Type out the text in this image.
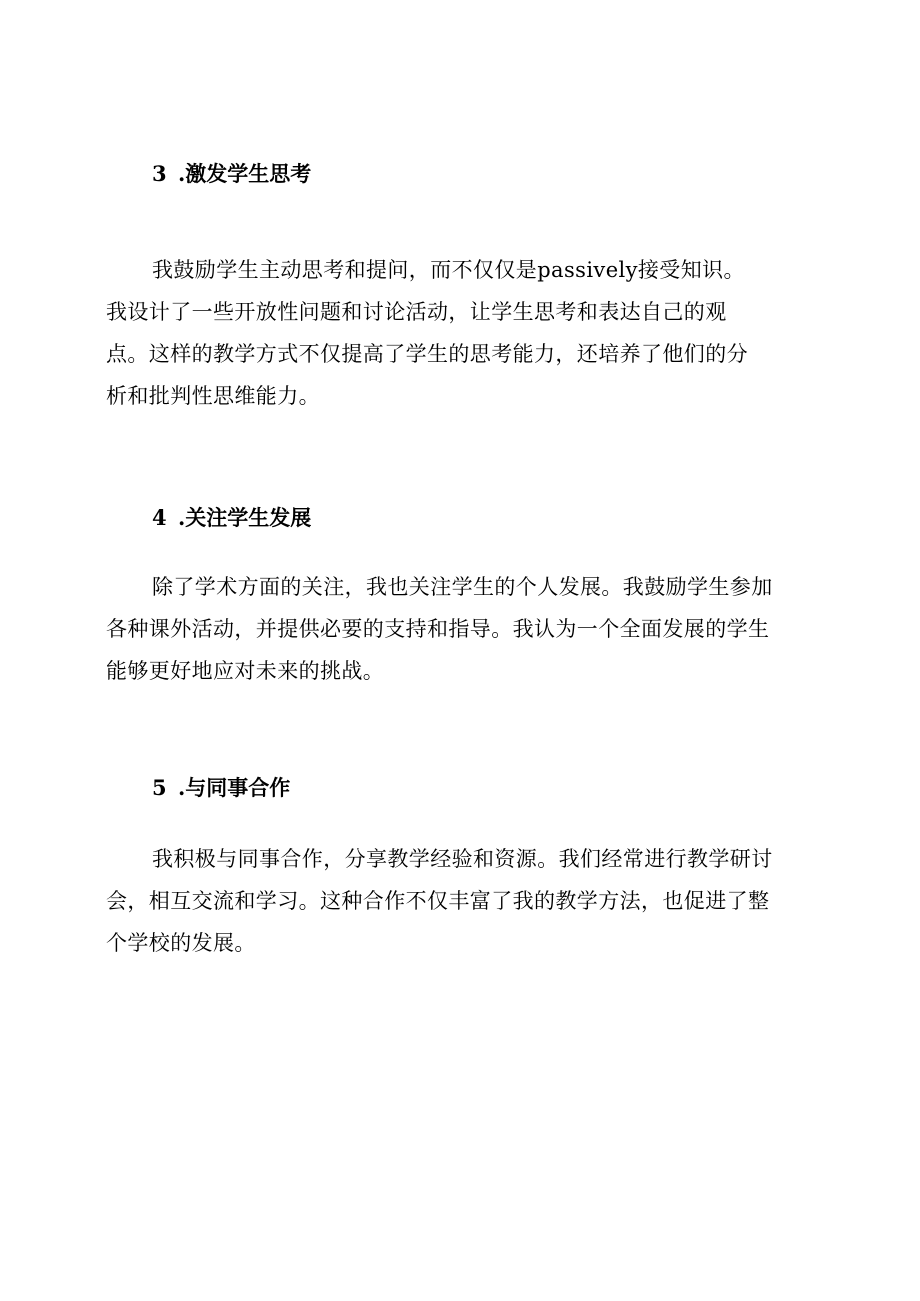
3 .激发学生思考
我鼓励学生主动思考和提问，而不仅仅是passively接受知识。
我设计了一些开放性问题和讨论活动，让学生思考和表达自己的观
点。这样的教学方式不仅提高了学生的思考能力，还培养了他们的分
析和批判性思维能力。
4 .关注学生发展
除了学术方面的关注，我也关注学生的个人发展。我鼓励学生参加
各种课外活动，并提供必要的支持和指导。我认为一个全面发展的学生
能够更好地应对未来的挑战。
5 .与同事合作
我积极与同事合作，分享教学经验和资源。我们经常进行教学研讨
会，相互交流和学习。这种合作不仅丰富了我的教学方法，也促进了整
个学校的发展。
